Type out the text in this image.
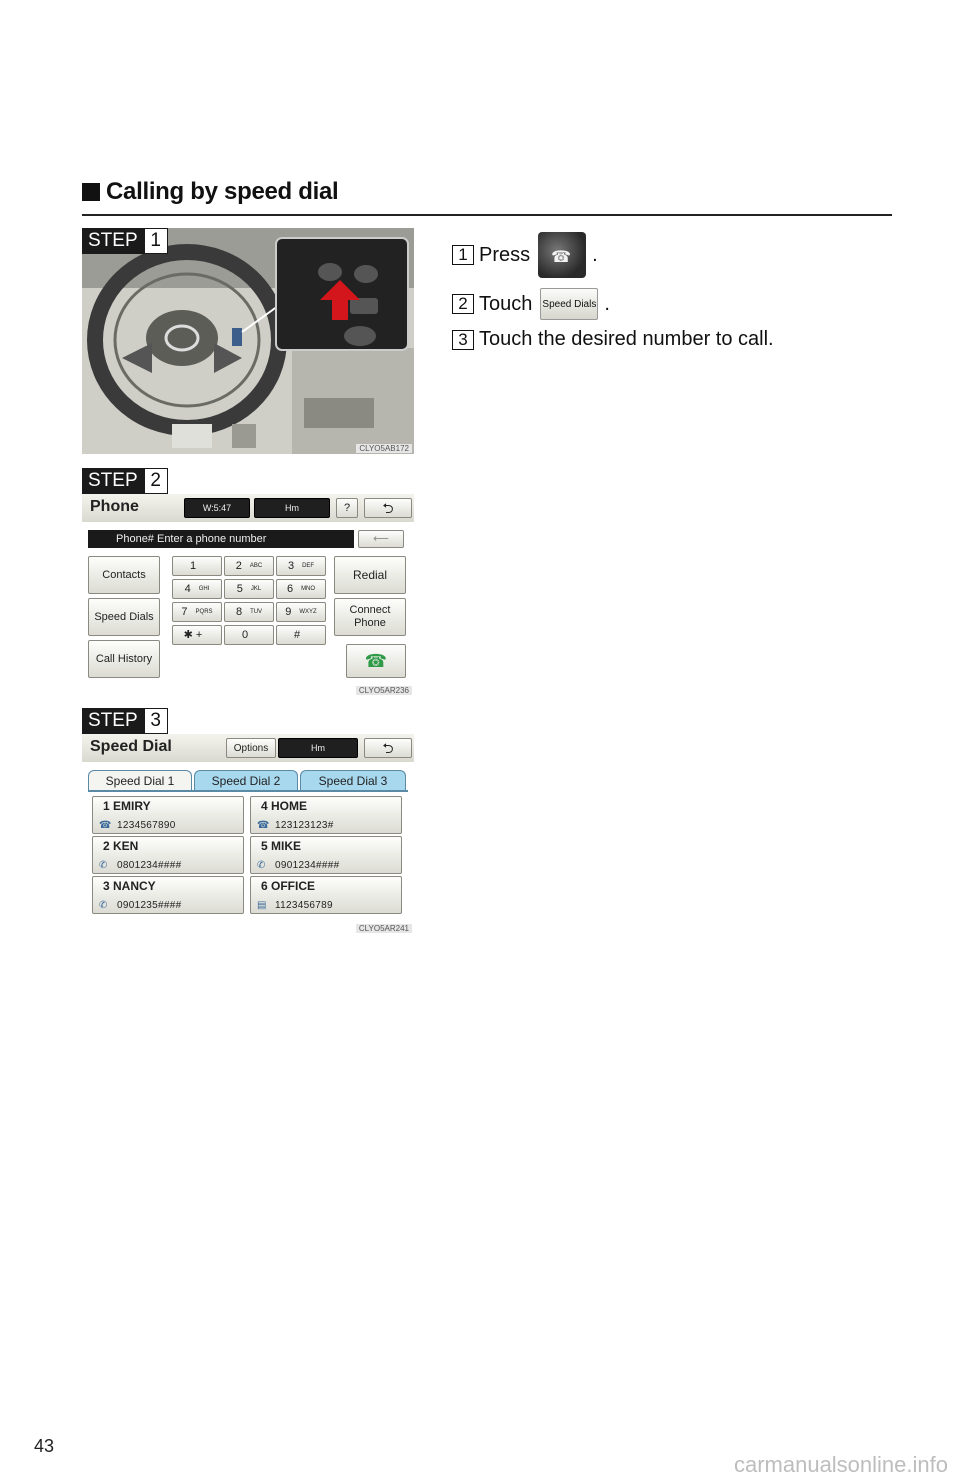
Calling by speed dial
STEP 1
CLYO5AB172
STEP 2
Phone	W:5:47	Hm	?	⮌
Phone# Enter a phone number	⟵
Contacts
Speed Dials
Call History
1	2 ABC 3 DEF
4 GHI 5 JKL 6 MNO
7 PQRS 8 TUV 9 WXYZ
✱ +	0	#
Redial
Connect Phone
☎
CLYO5AR236
STEP 3
Speed Dial	Options	Hm	⮌
Speed Dial 1	Speed Dial 2	Speed Dial 3
1 EMIRY
☎ 1234567890
4 HOME
☎ 123123123#
2 KEN
✆ 0801234####
5 MIKE
✆ 0901234####
3 NANCY
✆ 0901235####
6 OFFICE
▤ 1123456789
CLYO5AR241
1 Press ☎ .
2 Touch Speed Dials .
3 Touch the desired number to call.
43
carmanualsonline.info
